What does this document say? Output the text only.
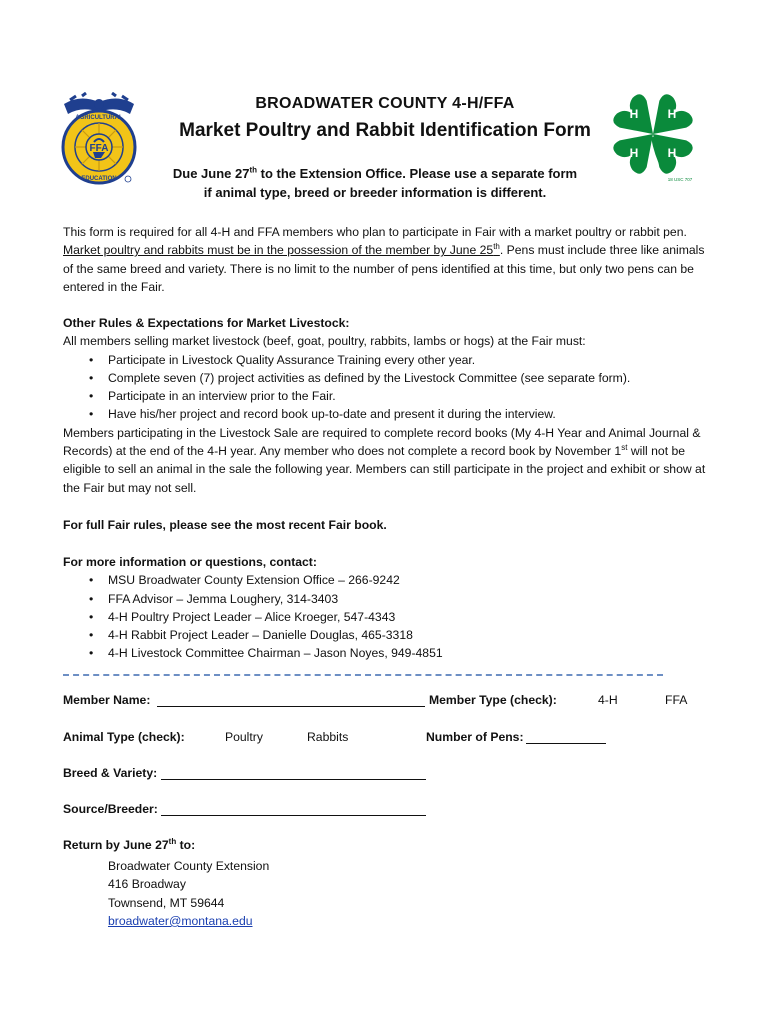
AGRICULTURAL
EDUCATION
FFA
H H
H H
18 USC 707
BROADWATER COUNTY 4-H/FFA
Market Poultry and Rabbit Identification Form
Due June 27th to the Extension Office. Please use a separate form
if animal type, breed or breeder information is different.
This form is required for all 4-H and FFA members who plan to participate in Fair with a market poultry or rabbit pen. Market poultry and rabbits must be in the possession of the member by June 25th. Pens must include three like animals of the same breed and variety. There is no limit to the number of pens identified at this time, but only two pens can be entered in the Fair.
Other Rules & Expectations for Market Livestock:
All members selling market livestock (beef, goat, poultry, rabbits, lambs or hogs) at the Fair must:
• Participate in Livestock Quality Assurance Training every other year.
• Complete seven (7) project activities as defined by the Livestock Committee (see separate form).
• Participate in an interview prior to the Fair.
• Have his/her project and record book up-to-date and present it during the interview.
Members participating in the Livestock Sale are required to complete record books (My 4-H Year and Animal Journal & Records) at the end of the 4-H year. Any member who does not complete a record book by November 1st will not be eligible to sell an animal in the sale the following year. Members can still participate in the project and exhibit or show at the Fair but may not sell.
For full Fair rules, please see the most recent Fair book.
For more information or questions, contact:
• MSU Broadwater County Extension Office – 266-9242
• FFA Advisor – Jemma Loughery, 314-3403
• 4-H Poultry Project Leader – Alice Kroeger, 547-4343
• 4-H Rabbit Project Leader – Danielle Douglas, 465-3318
• 4-H Livestock Committee Chairman – Jason Noyes, 949-4851
Member Name:	Member Type (check):	4-H	FFA
Animal Type (check):	Poultry	Rabbits	Number of Pens:
Breed & Variety:
Source/Breeder:
Return by June 27th to:
Broadwater County Extension
416 Broadway
Townsend, MT 59644
broadwater@montana.edu
